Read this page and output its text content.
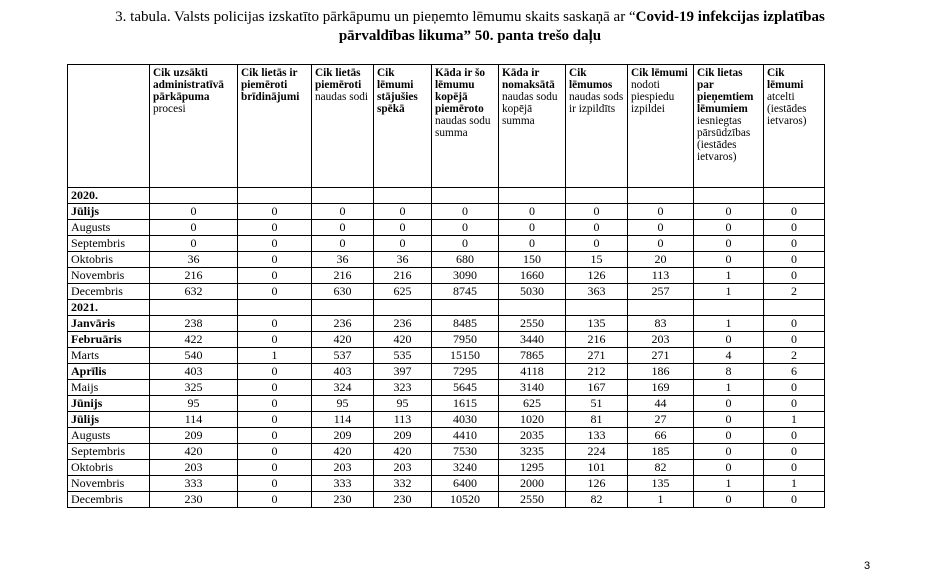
3. tabula. Valsts policijas izskatīto pārkāpumu un pieņemto lēmumu skaits saskaņā ar “Covid-19 infekcijas izplatības
pārvaldības likuma” 50. panta trešo daļu
	Cik uzsākti administratīvā pārkāpuma procesi	Cik lietās ir piemēroti brīdinājumi	Cik lietās piemēroti naudas sodi	Cik lēmumi stājušies spēkā	Kāda ir šo lēmumu kopējā piemēroto naudas sodu summa	Kāda ir nomaksātā naudas sodu kopējā summa	Cik lēmumos naudas sods ir izpildīts	Cik lēmumi nodoti piespiedu izpildei	Cik lietas par pieņemtiem lēmumiem iesniegtas pārsūdzības (iestādes ietvaros)	Cik lēmumi atcelti (iestādes ietvaros)
2020.										
Jūlijs	0	0	0	0	0	0	0	0	0	0
Augusts	0	0	0	0	0	0	0	0	0	0
Septembris	0	0	0	0	0	0	0	0	0	0
Oktobris	36	0	36	36	680	150	15	20	0	0
Novembris	216	0	216	216	3090	1660	126	113	1	0
Decembris	632	0	630	625	8745	5030	363	257	1	2
2021.										
Janvāris	238	0	236	236	8485	2550	135	83	1	0
Februāris	422	0	420	420	7950	3440	216	203	0	0
Marts	540	1	537	535	15150	7865	271	271	4	2
Aprīlis	403	0	403	397	7295	4118	212	186	8	6
Maijs	325	0	324	323	5645	3140	167	169	1	0
Jūnijs	95	0	95	95	1615	625	51	44	0	0
Jūlijs	114	0	114	113	4030	1020	81	27	0	1
Augusts	209	0	209	209	4410	2035	133	66	0	0
Septembris	420	0	420	420	7530	3235	224	185	0	0
Oktobris	203	0	203	203	3240	1295	101	82	0	0
Novembris	333	0	333	332	6400	2000	126	135	1	1
Decembris	230	0	230	230	10520	2550	82	1	0	0
3
